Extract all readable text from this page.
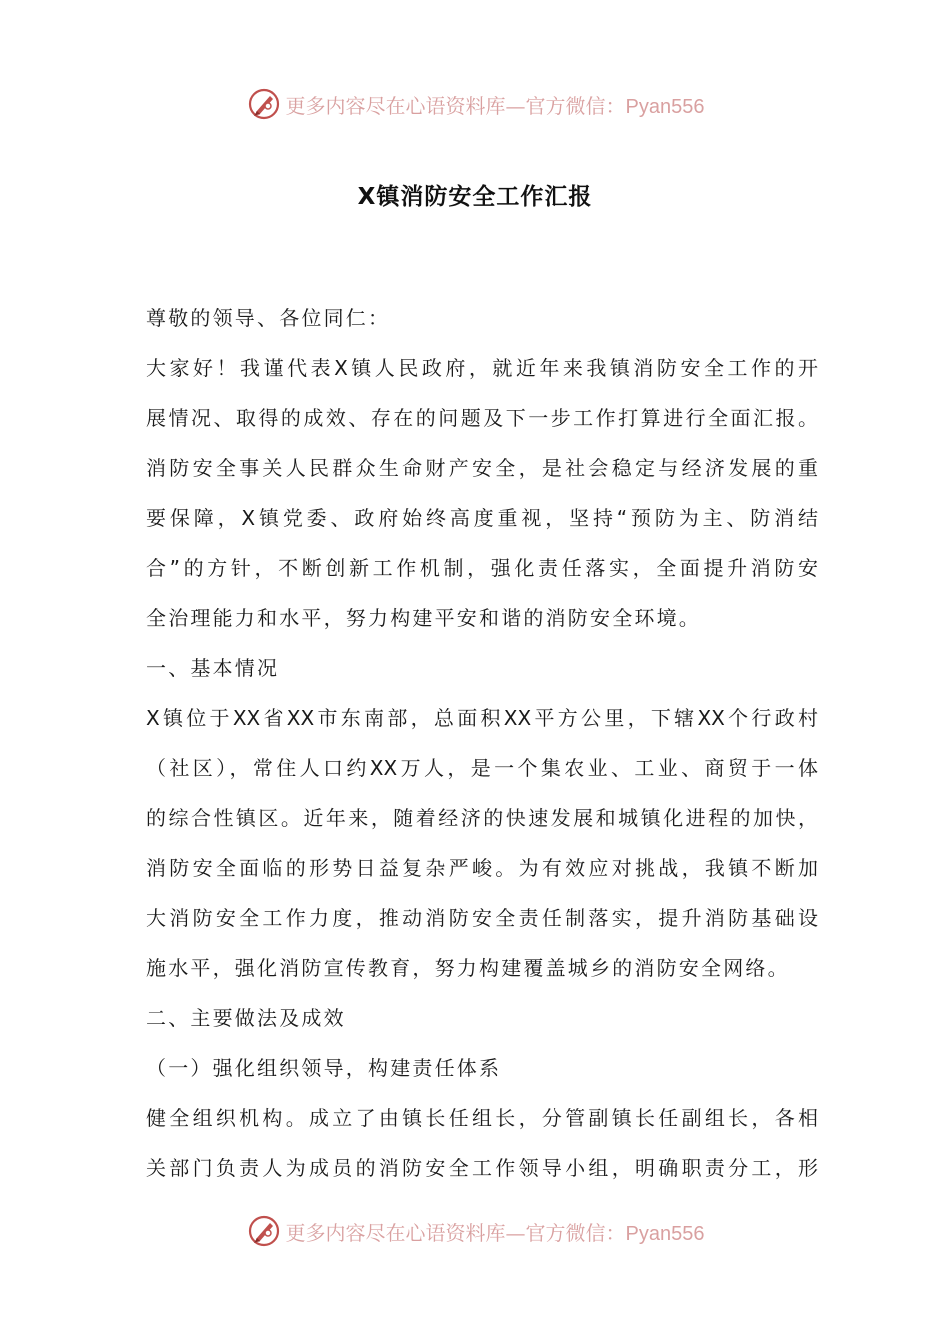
更多内容尽在心语资料库—官方微信：Pyan556
X镇消防安全工作汇报
尊敬的领导、各位同仁：
大家好！我谨代表X镇人民政府，就近年来我镇消防安全工作的开
展情况、取得的成效、存在的问题及下一步工作打算进行全面汇报。
消防安全事关人民群众生命财产安全，是社会稳定与经济发展的重
要保障，X镇党委、政府始终高度重视，坚持“预防为主、防消结
合”的方针，不断创新工作机制，强化责任落实，全面提升消防安
全治理能力和水平，努力构建平安和谐的消防安全环境。
一、基本情况
X镇位于XX省XX市东南部，总面积XX平方公里，下辖XX个行政村
（社区），常住人口约XX万人，是一个集农业、工业、商贸于一体
的综合性镇区。近年来，随着经济的快速发展和城镇化进程的加快，
消防安全面临的形势日益复杂严峻。为有效应对挑战，我镇不断加
大消防安全工作力度，推动消防安全责任制落实，提升消防基础设
施水平，强化消防宣传教育，努力构建覆盖城乡的消防安全网络。
二、主要做法及成效
（一）强化组织领导，构建责任体系
健全组织机构。成立了由镇长任组长，分管副镇长任副组长，各相
关部门负责人为成员的消防安全工作领导小组，明确职责分工，形
更多内容尽在心语资料库—官方微信：Pyan556
